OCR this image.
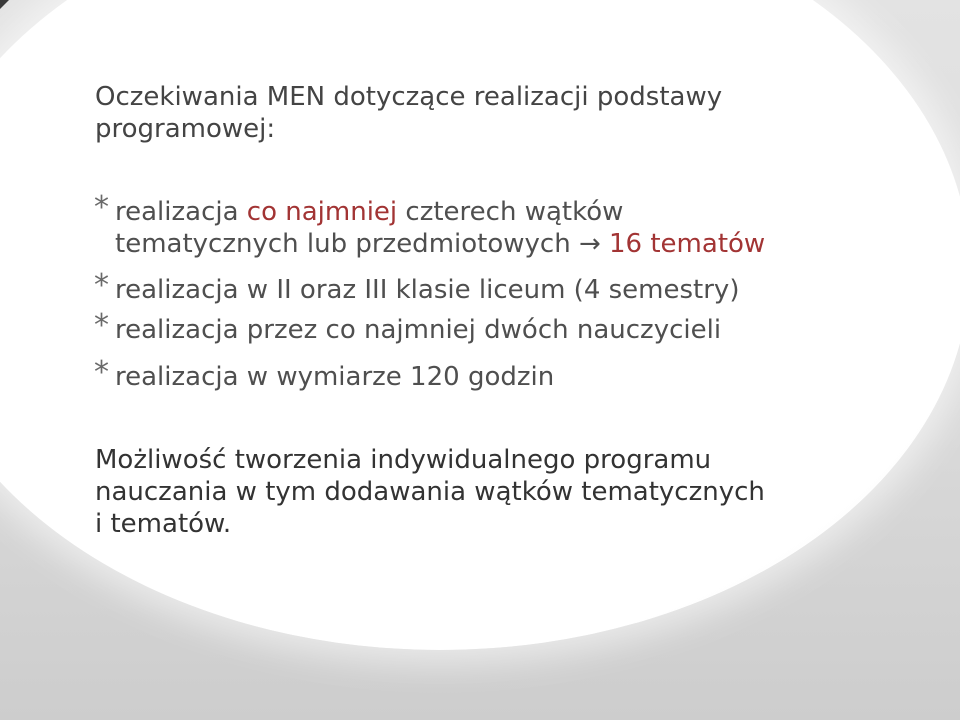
Oczekiwania MEN dotyczące realizacji podstawy
programowej:
* realizacja co najmniej czterech wątków
tematycznych lub przedmiotowych → 16 tematów
* realizacja w II oraz III klasie liceum (4 semestry)
* realizacja przez co najmniej dwóch nauczycieli
* realizacja w wymiarze 120 godzin
Możliwość tworzenia indywidualnego programu
nauczania w tym dodawania wątków tematycznych
i tematów.
